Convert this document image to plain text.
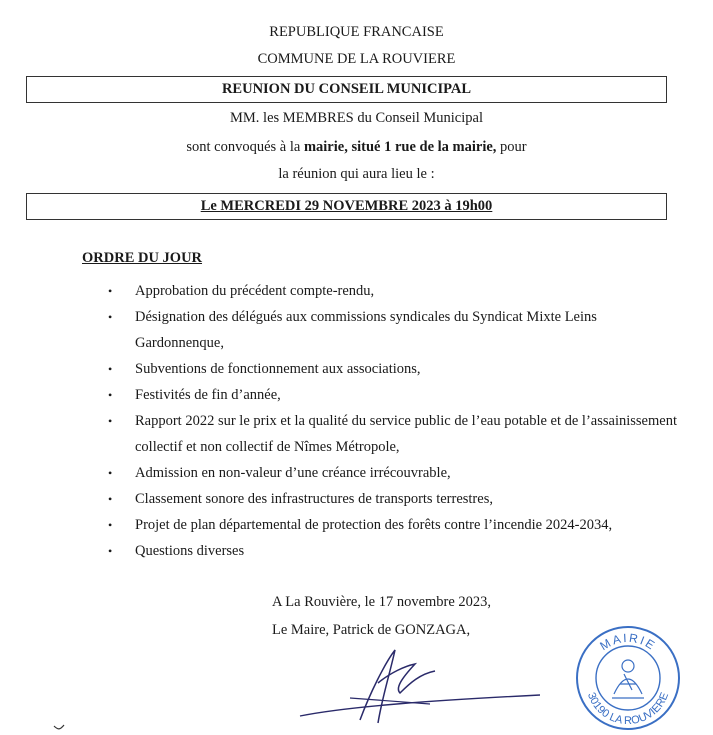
REPUBLIQUE FRANCAISE
COMMUNE DE LA ROUVIERE
REUNION DU CONSEIL MUNICIPAL
MM. les MEMBRES du Conseil Municipal
sont convoqués à la mairie, situé 1 rue de la mairie, pour
la réunion qui aura lieu le :
Le MERCREDI 29 NOVEMBRE 2023 à 19h00
ORDRE DU JOUR
• Approbation du précédent compte-rendu,
• Désignation des délégués aux commissions syndicales du Syndicat Mixte Leins Gardonnenque,
• Subventions de fonctionnement aux associations,
• Festivités de fin d’année,
• Rapport 2022 sur le prix et la qualité du service public de l’eau potable et de l’assainissement collectif et non collectif de Nîmes Métropole,
• Admission en non-valeur d’une créance irrécouvrable,
• Classement sonore des infrastructures de transports terrestres,
• Projet de plan départemental de protection des forêts contre l’incendie 2024-2034,
• Questions diverses
A La Rouvière, le 17 novembre 2023,
Le Maire, Patrick de GONZAGA,
MAIRIE
30190 LA ROUVIERE
